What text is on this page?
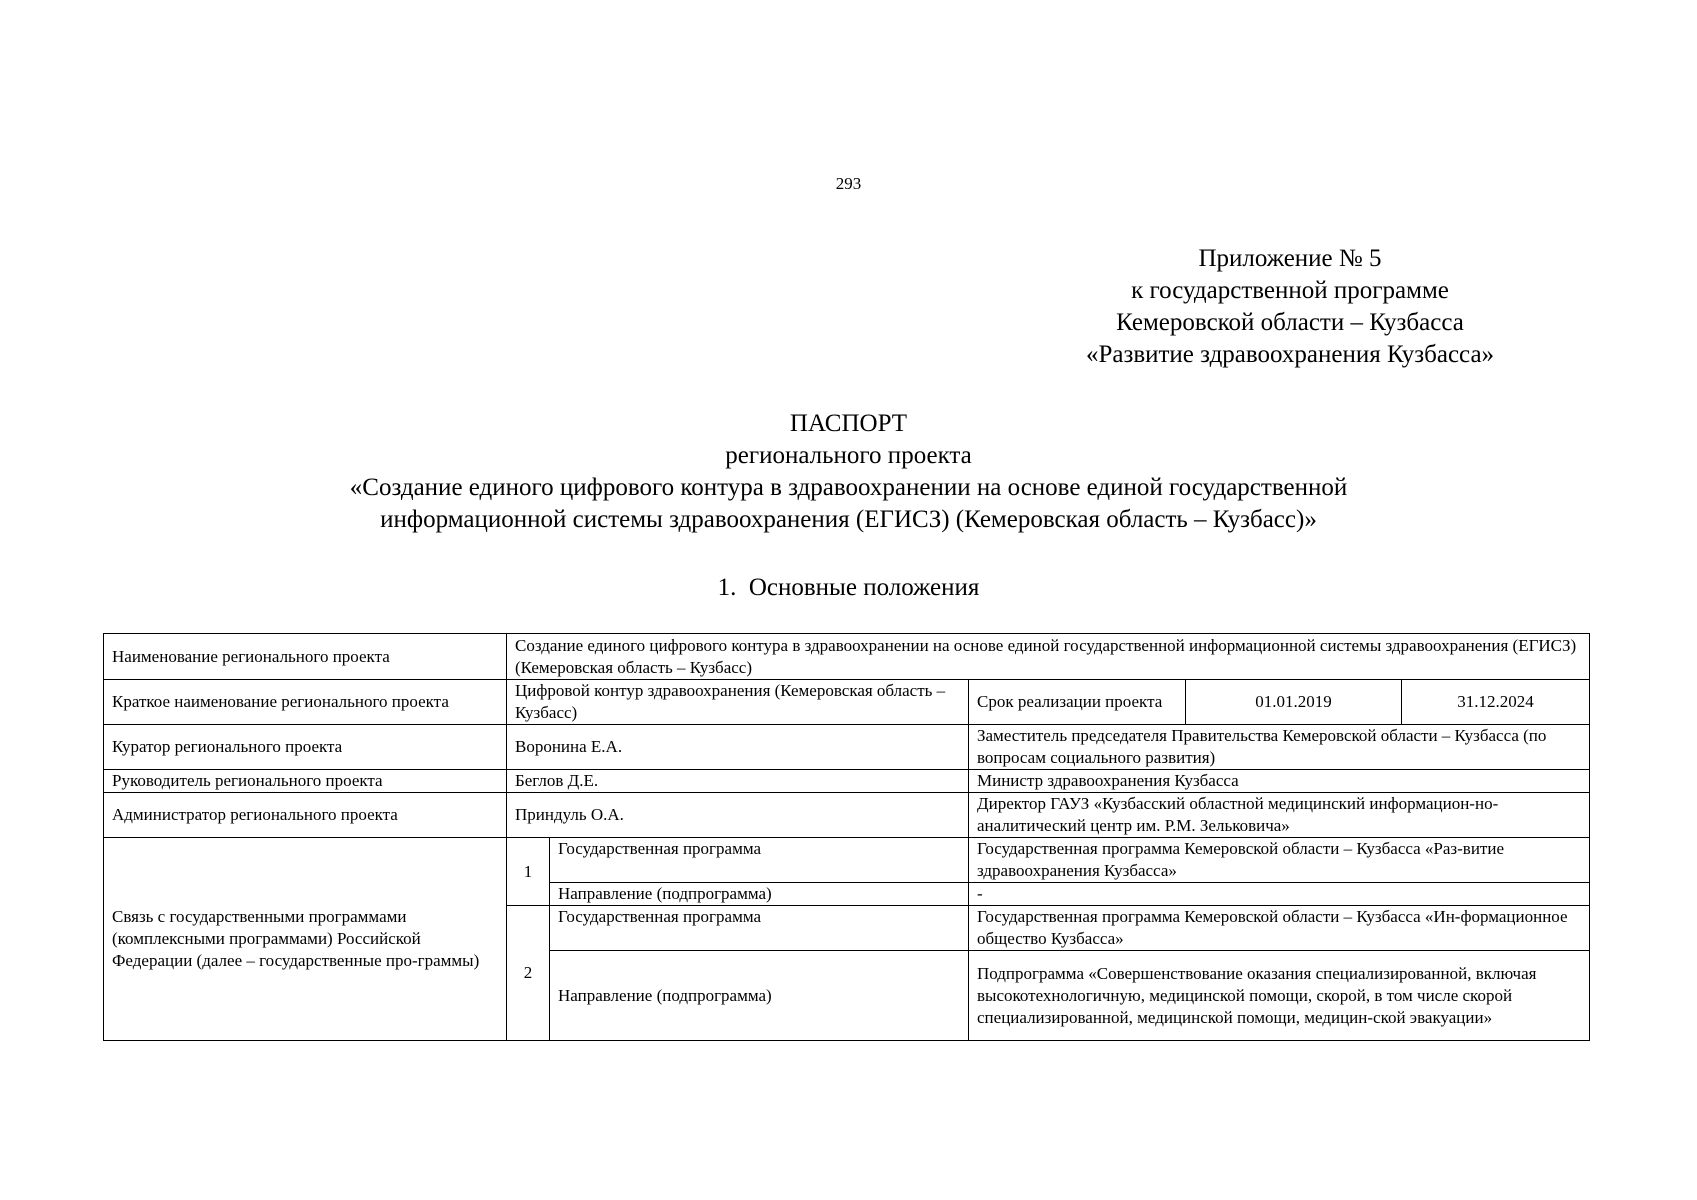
293
Приложение № 5
к государственной программе
Кемеровской области – Кузбасса
«Развитие здравоохранения Кузбасса»
ПАСПОРТ
регионального проекта
«Создание единого цифрового контура в здравоохранении на основе единой государственной
информационной системы здравоохранения (ЕГИСЗ) (Кемеровская область – Кузбасс)»
1. Основные положения
Наименование регионального проекта	Создание единого цифрового контура в здравоохранении на основе единой государственной информационной системы здравоохранения (ЕГИСЗ) (Кемеровская область – Кузбасс)				
Краткое наименование регионального проекта	Цифровой контур здравоохранения (Кемеровская область – Кузбасс)		Срок реализации проекта	01.01.2019	31.12.2024
Куратор регионального проекта	Воронина Е.А.		Заместитель председателя Правительства Кемеровской области – Кузбасса (по вопросам социального развития)		
Руководитель регионального проекта	Беглов Д.Е.		Министр здравоохранения Кузбасса		
Администратор регионального проекта	Приндуль О.А.		Директор ГАУЗ «Кузбасский областной медицинский информацион-но-аналитический центр им. Р.М. Зельковича»		
Связь с государственными программами (комплексными программами) Российской Федерации (далее – государственные про-граммы)	1	Государственная программа	Государственная программа Кемеровской области – Кузбасса «Раз-витие здравоохранения Кузбасса»		
		Направление (подпрограмма)	-		
	2	Государственная программа	Государственная программа Кемеровской области – Кузбасса «Ин-формационное общество Кузбасса»		
		Направление (подпрограмма)	Подпрограмма «Совершенствование оказания специализированной, включая высокотехнологичную, медицинской помощи, скорой, в том числе скорой специализированной, медицинской помощи, медицин-ской эвакуации»		
